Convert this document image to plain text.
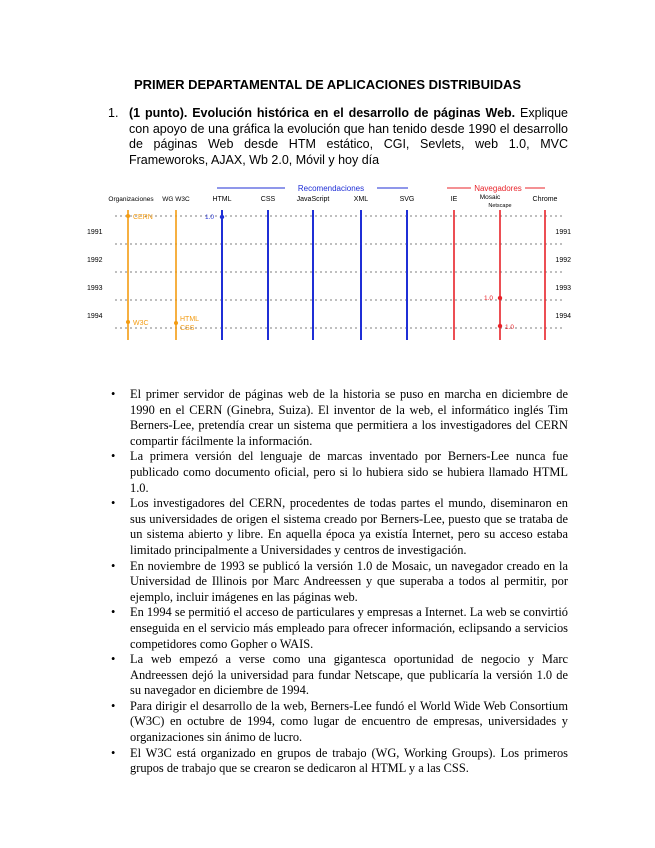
PRIMER DEPARTAMENTAL DE APLICACIONES DISTRIBUIDAS
1. (1 punto). Evolución histórica en el desarrollo de páginas Web. Explique con apoyo de una gráfica la evolución que han tenido desde 1990 el desarrollo de páginas Web desde HTM estático, CGI, Sevlets, web 1.0, MVC Frameworoks, AJAX, Wb 2.0, Móvil y hoy día
Recomendaciones	Navegadores
Organizaciones WG W3C	HTML	CSS	JavaScript	XML	SVG	IE	Mosaic
Netscape
Chrome
1991
1992
1993
1994
1991
1992
1993
1994
CERN
W3C
HTML
CSS
1.0
1.0
1.0
• El primer servidor de páginas web de la historia se puso en marcha en diciembre de 1990 en el CERN (Ginebra, Suiza). El inventor de la web, el informático inglés Tim Berners-Lee, pretendía crear un sistema que permitiera a los investigadores del CERN compartir fácilmente la información.
• La primera versión del lenguaje de marcas inventado por Berners-Lee nunca fue publicado como documento oficial, pero si lo hubiera sido se hubiera llamado HTML 1.0.
• Los investigadores del CERN, procedentes de todas partes el mundo, diseminaron en sus universidades de origen el sistema creado por Berners-Lee, puesto que se trataba de un sistema abierto y libre. En aquella época ya existía Internet, pero su acceso estaba limitado principalmente a Universidades y centros de investigación.
• En noviembre de 1993 se publicó la versión 1.0 de Mosaic, un navegador creado en la Universidad de Illinois por Marc Andreessen y que superaba a todos al permitir, por ejemplo, incluir imágenes en las páginas web.
• En 1994 se permitió el acceso de particulares y empresas a Internet. La web se convirtió enseguida en el servicio más empleado para ofrecer información, eclipsando a servicios competidores como Gopher o WAIS.
• La web empezó a verse como una gigantesca oportunidad de negocio y Marc Andreessen dejó la universidad para fundar Netscape, que publicaría la versión 1.0 de su navegador en diciembre de 1994.
• Para dirigir el desarrollo de la web, Berners-Lee fundó el World Wide Web Consortium (W3C) en octubre de 1994, como lugar de encuentro de empresas, universidades y organizaciones sin ánimo de lucro.
• El W3C está organizado en grupos de trabajo (WG, Working Groups). Los primeros grupos de trabajo que se crearon se dedicaron al HTML y a las CSS.
